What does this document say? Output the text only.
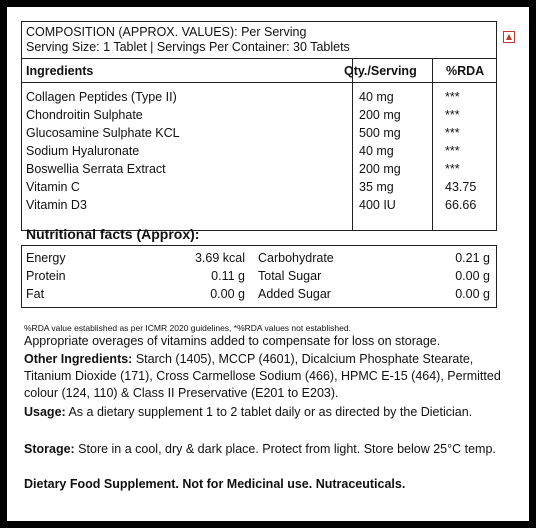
COMPOSITION (APPROX. VALUES): Per Serving
Serving Size: 1 Tablet | Servings Per Container: 30 Tablets
Ingredients	Qty./Serving %RDA
Collagen Peptides (Type II)	40 mg	***
Chondroitin Sulphate	200 mg	***
Glucosamine Sulphate KCL	500 mg	***
Sodium Hyaluronate	40 mg	***
Boswellia Serrata Extract	200 mg	***
Vitamin C	35 mg	43.75
Vitamin D3	400 IU	66.66
Nutritional facts (Approx):
Energy	3.69 kcal Carbohydrate	0.21 g
Protein	0.11 g Total Sugar	0.00 g
Fat	0.00 g Added Sugar	0.00 g
%RDA value established as per ICMR 2020 guidelines, *%RDA values not established.
Appropriate overages of vitamins added to compensate for loss on storage.
Other Ingredients: Starch (1405), MCCP (4601), Dicalcium Phosphate Stearate, Titanium Dioxide (171), Cross Carmellose Sodium (466), HPMC E-15 (464), Permitted colour (124, 110) & Class II Preservative (E201 to E203).
Usage: As a dietary supplement 1 to 2 tablet daily or as directed by the Dietician.
Storage: Store in a cool, dry & dark place. Protect from light. Store below 25°C temp.
Dietary Food Supplement. Not for Medicinal use. Nutraceuticals.
